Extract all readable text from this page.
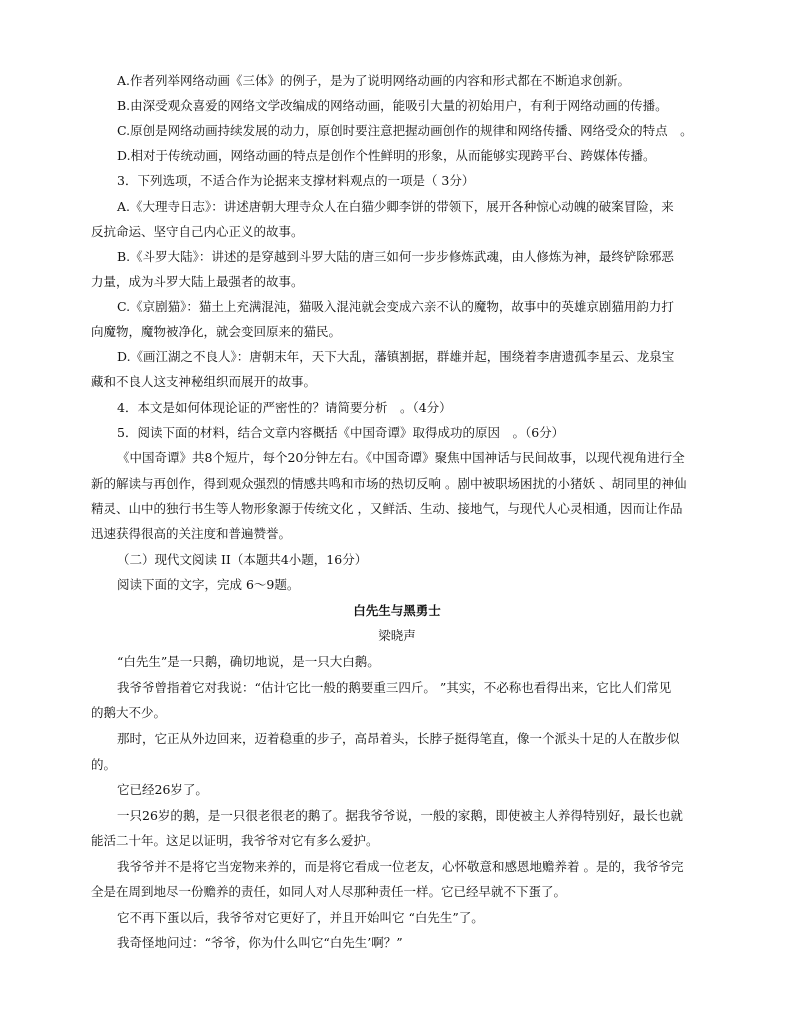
A.作者列举网络动画《三体》的例子，是为了说明网络动画的内容和形式都在不断追求创新。
B.由深受观众喜爱的网络文学改编成的网络动画，能吸引大量的初始用户，有利于网络动画的传播。
C.原创是网络动画持续发展的动力，原创时要注意把握动画创作的规律和网络传播、网络受众的特点　。
D.相对于传统动画，网络动画的特点是创作个性鲜明的形象，从而能够实现跨平台、跨媒体传播。
3．下列选项，不适合作为论据来支撑材料观点的一项是（ 3分）
A.《大理寺日志》：讲述唐朝大理寺众人在白猫少卿李饼的带领下，展开各种惊心动魄的破案冒险，来
反抗命运、坚守自己内心正义的故事。
B.《斗罗大陆》：讲述的是穿越到斗罗大陆的唐三如何一步步修炼武魂，由人修炼为神，最终铲除邪恶
力量，成为斗罗大陆上最强者的故事。
C.《京剧猫》：猫土上充满混沌，猫吸入混沌就会变成六亲不认的魔物，故事中的英雄京剧猫用韵力打
向魔物，魔物被净化，就会变回原来的猫民。
D.《画江湖之不良人》：唐朝末年，天下大乱，藩镇割据，群雄并起，围绕着李唐遗孤李星云、龙泉宝
藏和不良人这支神秘组织而展开的故事。
4．本文是如何体现论证的严密性的？请简要分析　。（4分）
5．阅读下面的材料，结合文章内容概括《中国奇谭》取得成功的原因　。（6分）
《中国奇谭》共8个短片，每个20分钟左右。《中国奇谭》聚焦中国神话与民间故事，以现代视角进行全
新的解读与再创作，得到观众强烈的情感共鸣和市场的热切反响 。剧中被职场困扰的小猪妖 、胡同里的神仙
精灵、山中的独行书生等人物形象源于传统文化 ，又鲜活、生动、接地气，与现代人心灵相通，因而让作品
迅速获得很高的关注度和普遍赞誉。
（二）现代文阅读 II（本题共4小题，16分）
阅读下面的文字，完成 6～9题。
白先生与黑勇士
梁晓声
“白先生”是一只鹅，确切地说，是一只大白鹅。
我爷爷曾指着它对我说：“估计它比一般的鹅要重三四斤。 ”其实，不必称也看得出来，它比人们常见
的鹅大不少。
那时，它正从外边回来，迈着稳重的步子，高昂着头，长脖子挺得笔直，像一个派头十足的人在散步似
的。
它已经26岁了。
一只26岁的鹅，是一只很老很老的鹅了。据我爷爷说，一般的家鹅，即使被主人养得特别好，最长也就
能活二十年。这足以证明，我爷爷对它有多么爱护。
我爷爷并不是将它当宠物来养的，而是将它看成一位老友，心怀敬意和感恩地赡养着 。是的，我爷爷完
全是在周到地尽一份赡养的责任，如同人对人尽那种责任一样。它已经早就不下蛋了。
它不再下蛋以后，我爷爷对它更好了，并且开始叫它 “白先生”了。
我奇怪地问过：“爷爷，你为什么叫它“白先生’啊？”
